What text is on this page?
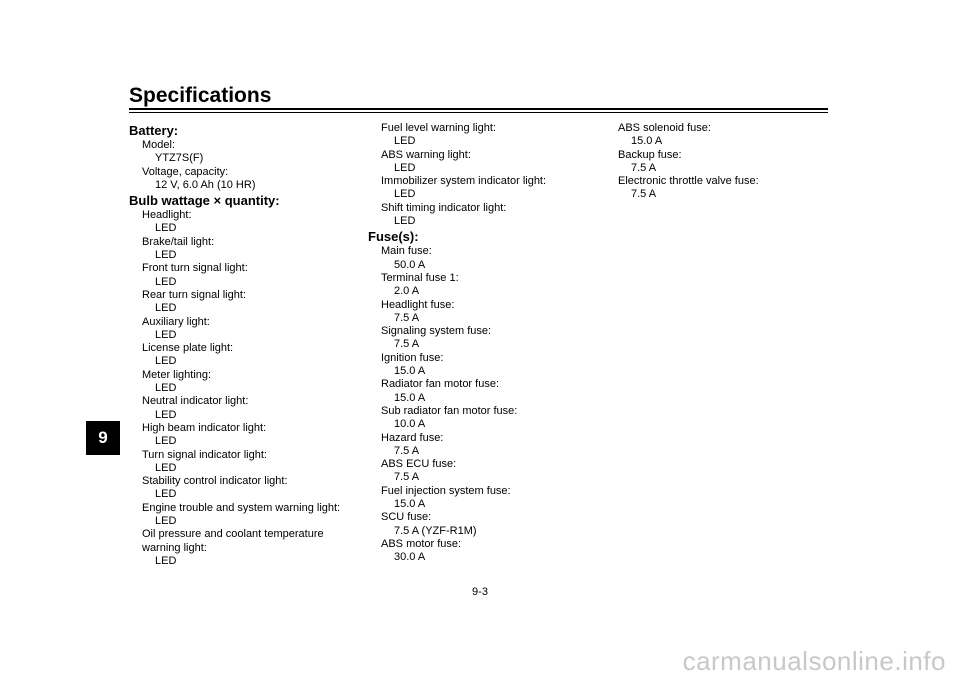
Specifications
9
Battery:
Model:
YTZ7S(F)
Voltage, capacity:
12 V, 6.0 Ah (10 HR)
Bulb wattage × quantity:
Headlight:
LED
Brake/tail light:
LED
Front turn signal light:
LED
Rear turn signal light:
LED
Auxiliary light:
LED
License plate light:
LED
Meter lighting:
LED
Neutral indicator light:
LED
High beam indicator light:
LED
Turn signal indicator light:
LED
Stability control indicator light:
LED
Engine trouble and system warning light:
LED
Oil pressure and coolant temperature warning light:
LED
Fuel level warning light:
LED
ABS warning light:
LED
Immobilizer system indicator light:
LED
Shift timing indicator light:
LED
Fuse(s):
Main fuse:
50.0 A
Terminal fuse 1:
2.0 A
Headlight fuse:
7.5 A
Signaling system fuse:
7.5 A
Ignition fuse:
15.0 A
Radiator fan motor fuse:
15.0 A
Sub radiator fan motor fuse:
10.0 A
Hazard fuse:
7.5 A
ABS ECU fuse:
7.5 A
Fuel injection system fuse:
15.0 A
SCU fuse:
7.5 A (YZF-R1M)
ABS motor fuse:
30.0 A
ABS solenoid fuse:
15.0 A
Backup fuse:
7.5 A
Electronic throttle valve fuse:
7.5 A
9-3
carmanualsonline.info
